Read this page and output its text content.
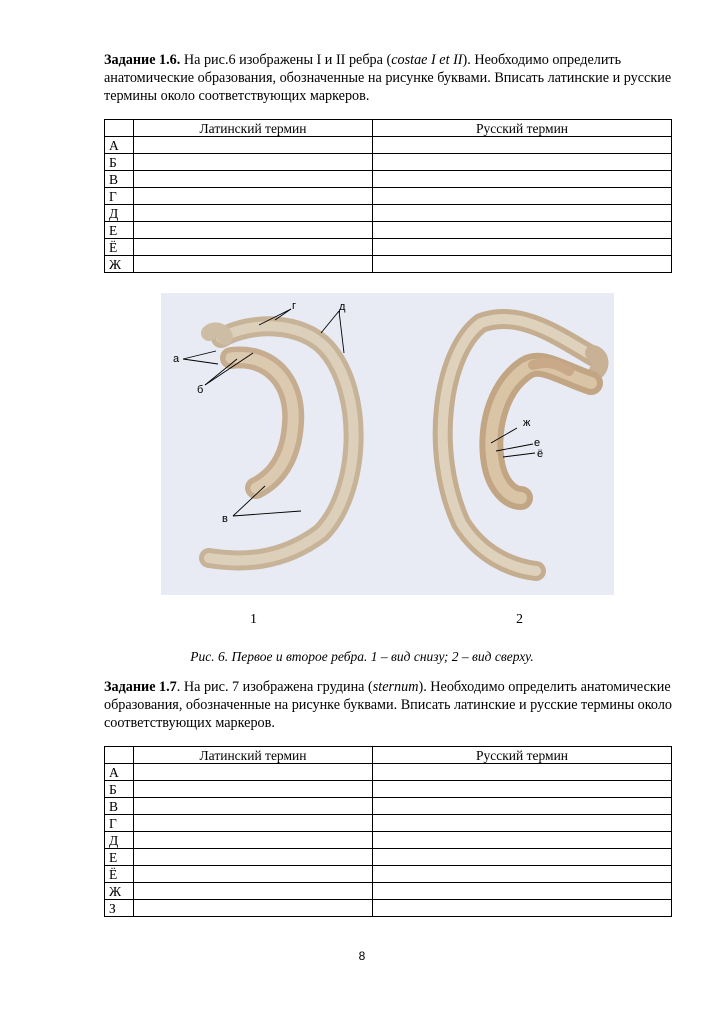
Задание 1.6. На рис.6 изображены I и II ребра (costae I et II). Необходимо определить анатомические образования, обозначенные на рисунке буквами. Вписать латинские и русские термины около соответствующих маркеров.
	Латинский термин	Русский термин
А		
Б		
В		
Г		
Д		
Е		
Ё		
Ж		
а
б
г	д
в
ж
е
ё
1	2
Рис. 6. Первое и второе ребра. 1 – вид снизу; 2 – вид сверху.
Задание 1.7. На рис. 7 изображена грудина (sternum). Необходимо определить анатомические образования, обозначенные на рисунке буквами. Вписать латинские и русские термины около соответствующих маркеров.
	Латинский термин	Русский термин
А		
Б		
В		
Г		
Д		
Е		
Ё		
Ж		
З		
8
